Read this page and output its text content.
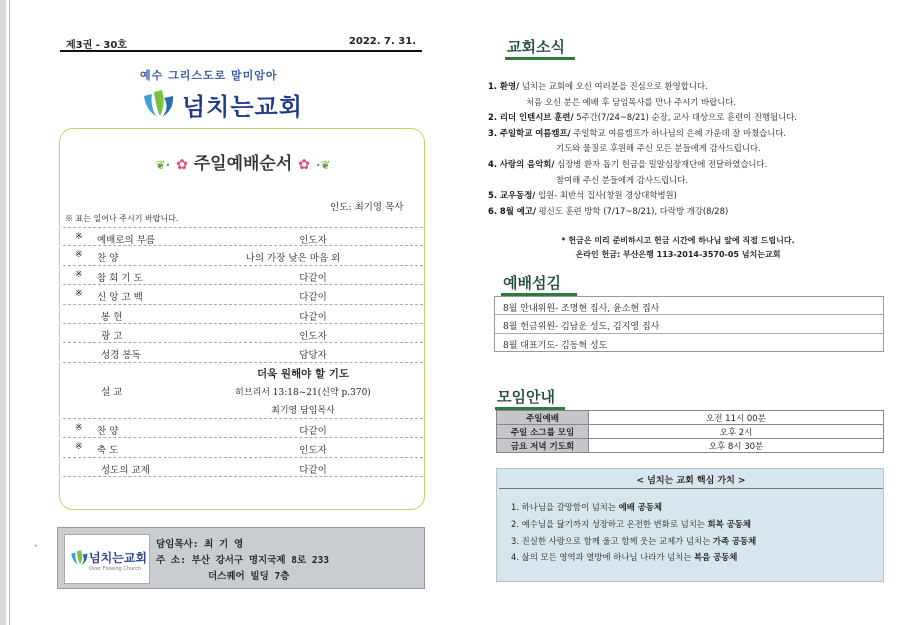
제3권 - 30호	2022. 7. 31.
예수 그리스도로 말미암아
넘치는교회
❦· ✿ 주일예배순서 ✿ ·❦
인도: 최기영 목사
※ 표는 일어나 주시기 바랍니다.
※ 예배로의 부름	인도자
※ 찬 양	나의 가장 낮은 마음 외
※ 참 회 기 도	다같이
※ 신 앙 고 백	다같이
봉 헌	다같이
광 고	인도자
성경 봉독	담당자
설 교
더욱 원해야 할 기도
히브리서 13:18~21(신약 p.370)
최기영 담임목사
※ 찬 양	다같이
※ 축 도	인도자
성도의 교제	다같이
ˋ
넘치는교회
Over Flowing Church
담임목사: 최 기 영
주 소: 부산 강서구 명지국제 8로 233
더스퀘어 빌딩 7층
교회소식
1. 환영/ 넘치는 교회에 오신 여러분을 진심으로 환영합니다.
처음 오신 분은 예배 후 담임목사를 만나 주시기 바랍니다.
2. 리더 인텐시브 훈련/ 5주간(7/24~8/21) 순장, 교사 대상으로 훈련이 진행됩니다.
3. 주일학교 여름캠프/ 주일학교 여름캠프가 하나님의 은혜 가운데 잘 마쳤습니다.
기도와 물질로 후원해 주신 모든 분들에게 감사드립니다.
4. 사랑의 음악회/ 심장병 환자 돕기 헌금을 밀알심장재단에 전달하였습니다.
참여해 주신 분들에게 감사드립니다.
5. 교우동정/ 입원- 최반석 집사(창원 경상대학병원)
6. 8월 예고/ 평신도 훈련 방학 (7/17~8/21), 다락방 개강(8/28)
* 헌금은 미리 준비하시고 헌금 시간에 하나님 앞에 직접 드립니다.
온라인 헌금: 부산은행 113-2014-3570-05 넘치는교회
예배섬김
8월 안내위원- 조명현 집사, 윤소현 집사
8월 헌금위원- 김남운 성도, 김지영 집사
8월 대표기도- 김동혁 성도
모임안내
주일예배	오전 11시 00분
주일 소그룹 모임	오후 2시
금요 저녁 기도회	오후 8시 30분
< 넘치는 교회 핵심 가치 >
1. 하나님을 갈망함이 넘치는 예배 공동체
2. 예수님을 닮기까지 성장하고 온전한 변화로 넘치는 회복 공동체
3. 진실한 사랑으로 함께 울고 함께 웃는 교제가 넘치는 가족 공동체
4. 삶의 모든 영역과 열방에 하나님 나라가 넘치는 복음 공동체
